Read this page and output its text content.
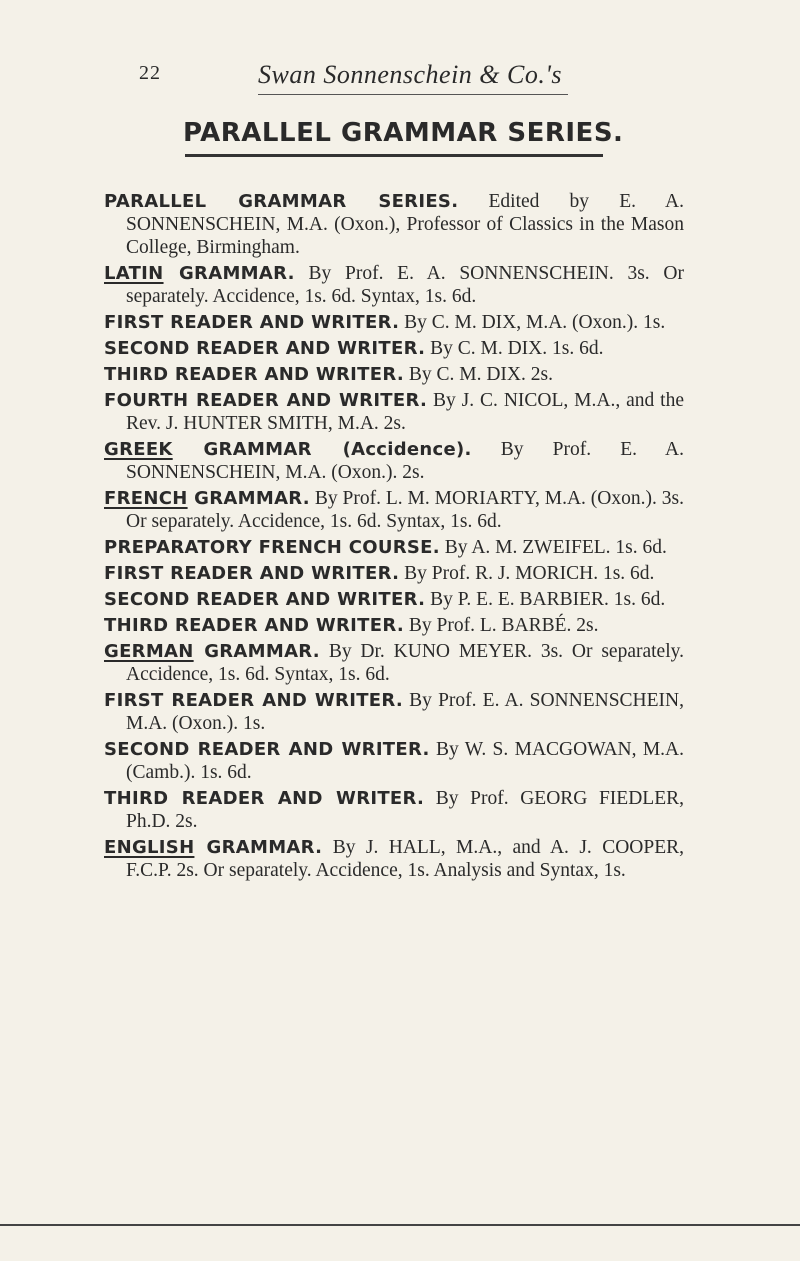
22	Swan Sonnenschein & Co.'s
PARALLEL GRAMMAR SERIES.

PARALLEL GRAMMAR SERIES. Edited by E. A. SONNENSCHEIN, M.A. (Oxon.), Professor of Classics in the Mason College, Birmingham.

LATIN GRAMMAR. By Prof. E. A. SONNENSCHEIN. 3s. Or separately. Accidence, 1s. 6d. Syntax, 1s. 6d.

FIRST READER AND WRITER. By C. M. DIX, M.A. (Oxon.). 1s.

SECOND READER AND WRITER. By C. M. DIX. 1s. 6d.

THIRD READER AND WRITER. By C. M. DIX. 2s.

FOURTH READER AND WRITER. By J. C. NICOL, M.A., and the Rev. J. HUNTER SMITH, M.A. 2s.

GREEK GRAMMAR (Accidence). By Prof. E. A. SONNENSCHEIN, M.A. (Oxon.). 2s.

FRENCH GRAMMAR. By Prof. L. M. MORIARTY, M.A. (Oxon.). 3s. Or separately. Accidence, 1s. 6d. Syntax, 1s. 6d.

PREPARATORY FRENCH COURSE. By A. M. ZWEIFEL. 1s. 6d.

FIRST READER AND WRITER. By Prof. R. J. MORICH. 1s. 6d.

SECOND READER AND WRITER. By P. E. E. BARBIER. 1s. 6d.

THIRD READER AND WRITER. By Prof. L. BARBÉ. 2s.

GERMAN GRAMMAR. By Dr. KUNO MEYER. 3s. Or separately. Accidence, 1s. 6d. Syntax, 1s. 6d.

FIRST READER AND WRITER. By Prof. E. A. SONNENSCHEIN, M.A. (Oxon.). 1s.

SECOND READER AND WRITER. By W. S. MACGOWAN, M.A. (Camb.). 1s. 6d.

THIRD READER AND WRITER. By Prof. GEORG FIEDLER, Ph.D. 2s.

ENGLISH GRAMMAR. By J. HALL, M.A., and A. J. COOPER, F.C.P. 2s. Or separately. Accidence, 1s. Analysis and Syntax, 1s.
